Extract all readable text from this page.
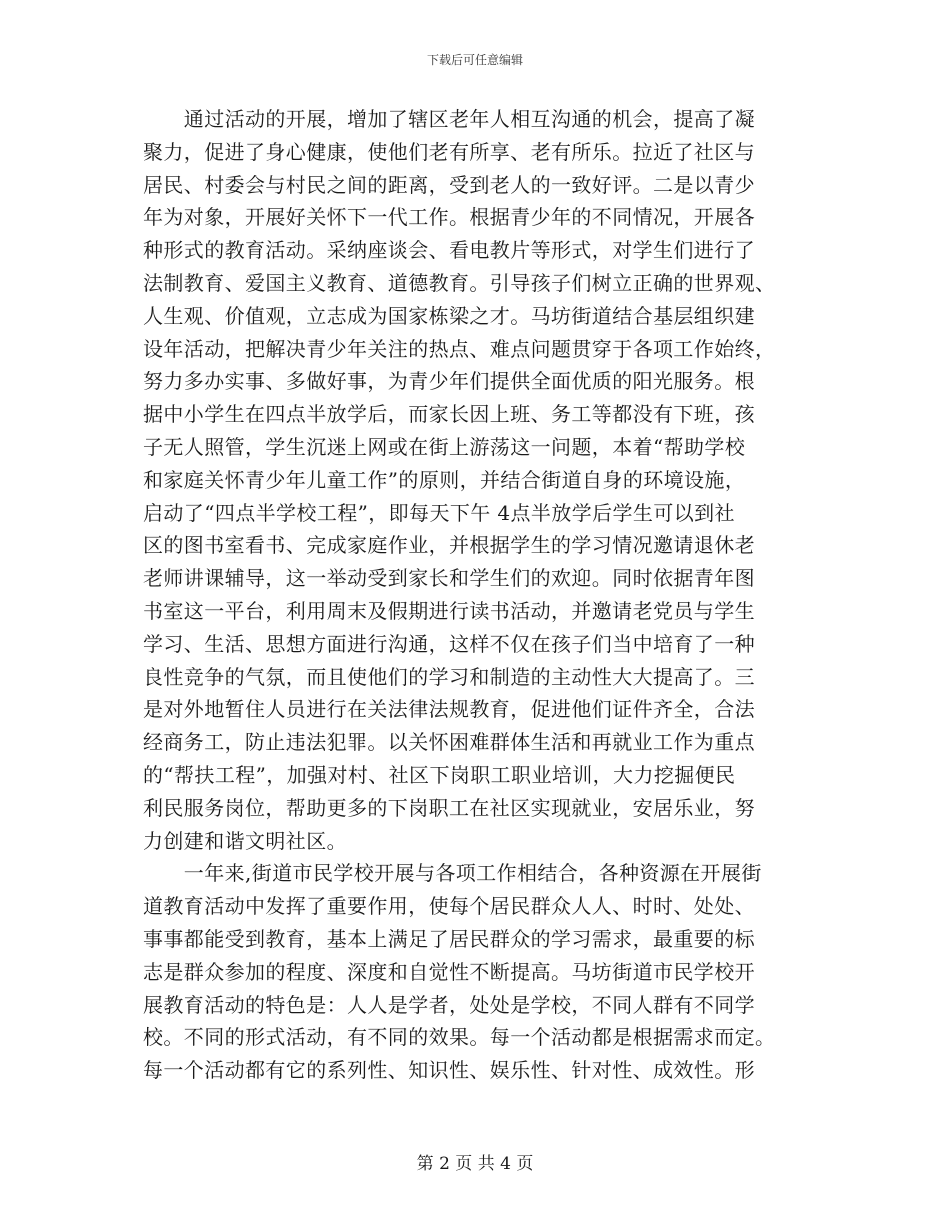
下载后可任意编辑
　　通过活动的开展，增加了辖区老年人相互沟通的机会，提高了凝
聚力，促进了身心健康，使他们老有所享、老有所乐。拉近了社区与
居民、村委会与村民之间的距离，受到老人的一致好评。二是以青少
年为对象，开展好关怀下一代工作。根据青少年的不同情况，开展各
种形式的教育活动。采纳座谈会、看电教片等形式，对学生们进行了
法制教育、爱国主义教育、道德教育。引导孩子们树立正确的世界观、
人生观、价值观，立志成为国家栋梁之才。马坊街道结合基层组织建
设年活动，把解决青少年关注的热点、难点问题贯穿于各项工作始终，
努力多办实事、多做好事，为青少年们提供全面优质的阳光服务。根
据中小学生在四点半放学后，而家长因上班、务工等都没有下班，孩
子无人照管，学生沉迷上网或在街上游荡这一问题，本着“帮助学校
和家庭关怀青少年儿童工作”的原则，并结合街道自身的环境设施，
启动了“四点半学校工程”，即每天下午 4点半放学后学生可以到社
区的图书室看书、完成家庭作业，并根据学生的学习情况邀请退休老
老师讲课辅导，这一举动受到家长和学生们的欢迎。同时依据青年图
书室这一平台，利用周末及假期进行读书活动，并邀请老党员与学生
学习、生活、思想方面进行沟通，这样不仅在孩子们当中培育了一种
良性竞争的气氛，而且使他们的学习和制造的主动性大大提高了。三
是对外地暂住人员进行在关法律法规教育，促进他们证件齐全，合法
经商务工，防止违法犯罪。以关怀困难群体生活和再就业工作为重点
的“帮扶工程”，加强对村、社区下岗职工职业培训，大力挖掘便民
利民服务岗位，帮助更多的下岗职工在社区实现就业，安居乐业，努
力创建和谐文明社区。
　　一年来,街道市民学校开展与各项工作相结合，各种资源在开展街
道教育活动中发挥了重要作用，使每个居民群众人人、时时、处处、
事事都能受到教育，基本上满足了居民群众的学习需求，最重要的标
志是群众参加的程度、深度和自觉性不断提高。马坊街道市民学校开
展教育活动的特色是：人人是学者，处处是学校，不同人群有不同学
校。不同的形式活动，有不同的效果。每一个活动都是根据需求而定。
每一个活动都有它的系列性、知识性、娱乐性、针对性、成效性。形
第 2 页 共 4 页
